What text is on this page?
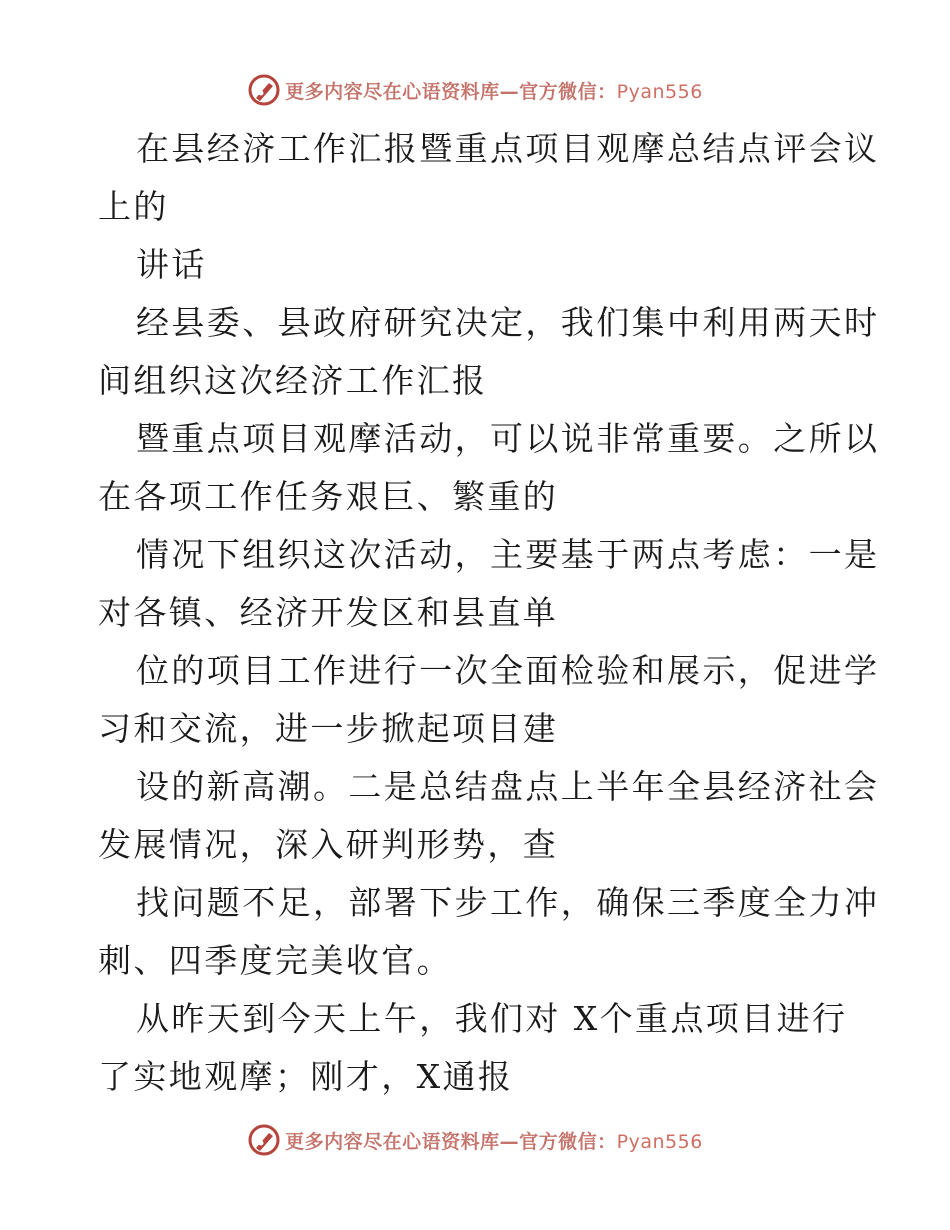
更多内容尽在心语资料库—官方微信：Pyan556
在县经济工作汇报暨重点项目观摩总结点评会议
上的
讲话
经县委、县政府研究决定，我们集中利用两天时
间组织这次经济工作汇报
暨重点项目观摩活动，可以说非常重要。之所以
在各项工作任务艰巨、繁重的
情况下组织这次活动，主要基于两点考虑：一是
对各镇、经济开发区和县直单
位的项目工作进行一次全面检验和展示，促进学
习和交流，进一步掀起项目建
设的新高潮。二是总结盘点上半年全县经济社会
发展情况，深入研判形势，查
找问题不足，部署下步工作，确保三季度全力冲
刺、四季度完美收官。
从昨天到今天上午，我们对 X个重点项目进行
了实地观摩；刚才，X通报
更多内容尽在心语资料库—官方微信：Pyan556
